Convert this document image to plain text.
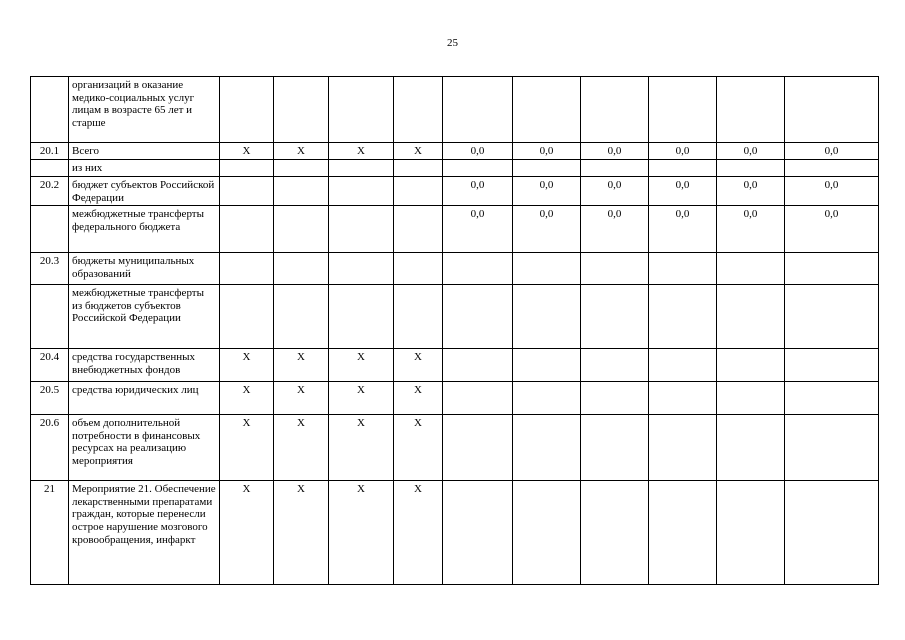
25
	организаций в оказание медико-социальных услуг лицам в возрасте 65 лет и старше										
20.1	Всего	Х	Х	Х	Х	0,0	0,0	0,0	0,0	0,0	0,0
	из них										
20.2	бюджет субъектов Российской Федерации					0,0	0,0	0,0	0,0	0,0	0,0
	межбюджетные трансферты федерального бюджета					0,0	0,0	0,0	0,0	0,0	0,0
20.3	бюджеты муниципальных образований										
	межбюджетные трансферты из бюджетов субъектов Российской Федерации										
20.4	средства государственных внебюджетных фондов	Х	Х	Х	Х						
20.5	средства юридических лиц	Х	Х	Х	Х						
20.6	объем дополнительной потребности в финансовых ресурсах на реализацию мероприятия	Х	Х	Х	Х						
21	Мероприятие 21. Обеспечение лекарственными препаратами граждан, которые перенесли острое нарушение мозгового кровообращения, инфаркт	Х	Х	Х	Х						
